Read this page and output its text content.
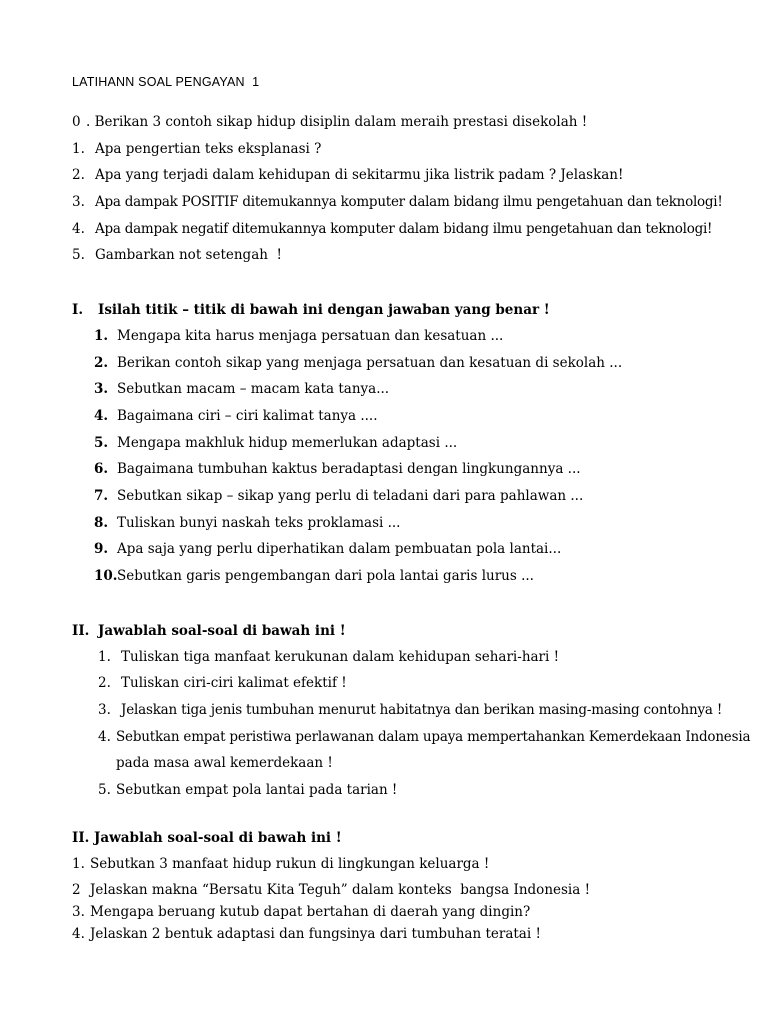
LATIHANN SOAL PENGAYAN  1
0 . Berikan 3 contoh sikap hidup disiplin dalam meraih prestasi disekolah !
1. Apa pengertian teks eksplanasi ?
2. Apa yang terjadi dalam kehidupan di sekitarmu jika listrik padam ? Jelaskan!
3. Apa dampak POSITIF ditemukannya komputer dalam bidang ilmu pengetahuan dan teknologi!
4. Apa dampak negatif ditemukannya komputer dalam bidang ilmu pengetahuan dan teknologi!
5. Gambarkan not setengah  !
I. Isilah titik – titik di bawah ini dengan jawaban yang benar !
1. Mengapa kita harus menjaga persatuan dan kesatuan ...
2. Berikan contoh sikap yang menjaga persatuan dan kesatuan di sekolah ...
3. Sebutkan macam – macam kata tanya...
4. Bagaimana ciri – ciri kalimat tanya ....
5. Mengapa makhluk hidup memerlukan adaptasi ...
6. Bagaimana tumbuhan kaktus beradaptasi dengan lingkungannya ...
7. Sebutkan sikap – sikap yang perlu di teladani dari para pahlawan ...
8. Tuliskan bunyi naskah teks proklamasi ...
9. Apa saja yang perlu diperhatikan dalam pembuatan pola lantai...
10. Sebutkan garis pengembangan dari pola lantai garis lurus ...
II. Jawablah soal-soal di bawah ini !
1. Tuliskan tiga manfaat kerukunan dalam kehidupan sehari-hari !
2. Tuliskan ciri-ciri kalimat efektif !
3. Jelaskan tiga jenis tumbuhan menurut habitatnya dan berikan masing-masing contohnya !
4. Sebutkan empat peristiwa perlawanan dalam upaya mempertahankan Kemerdekaan Indonesia
pada masa awal kemerdekaan !
5. Sebutkan empat pola lantai pada tarian !
II. Jawablah soal-soal di bawah ini !
1. Sebutkan 3 manfaat hidup rukun di lingkungan keluarga !
2 Jelaskan makna “Bersatu Kita Teguh” dalam konteks  bangsa Indonesia !
3. Mengapa beruang kutub dapat bertahan di daerah yang dingin?
4. Jelaskan 2 bentuk adaptasi dan fungsinya dari tumbuhan teratai !
